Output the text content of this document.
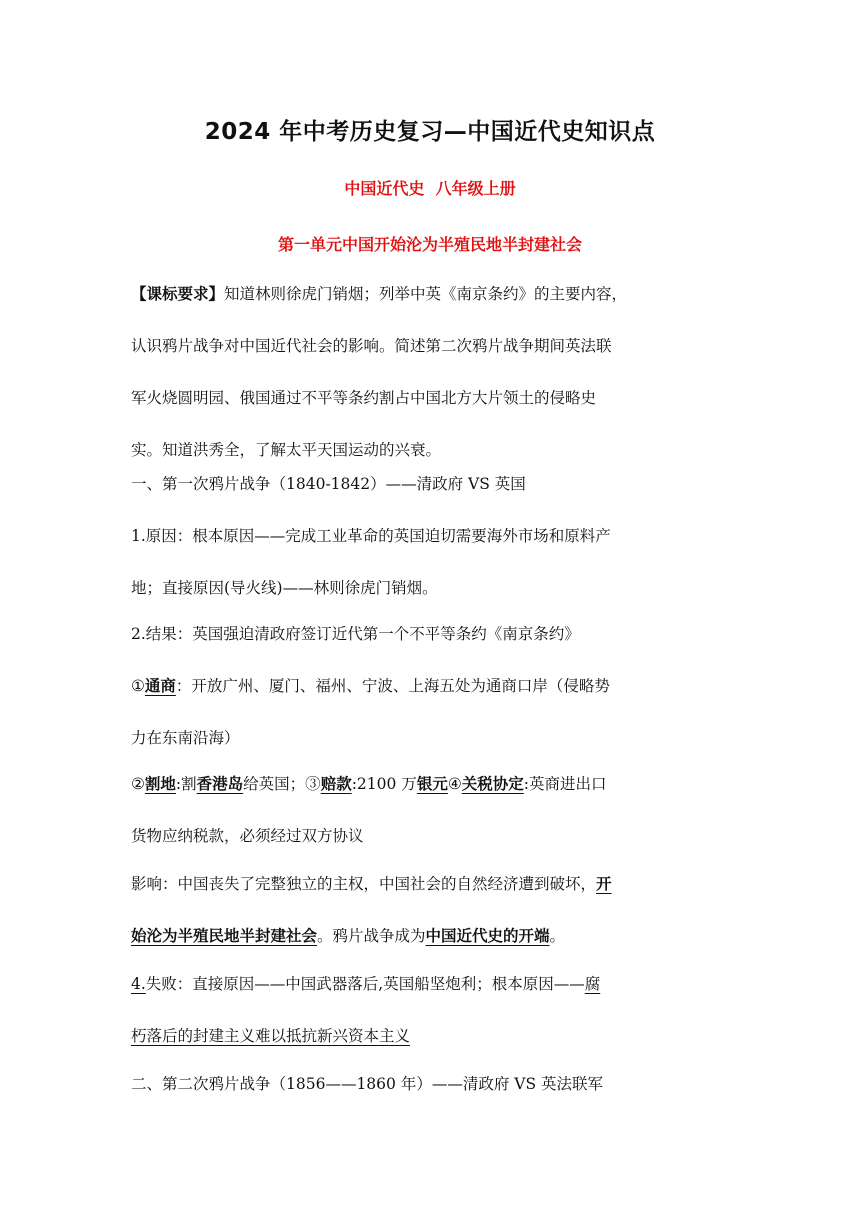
2024 年中考历史复习—中国近代史知识点
中国近代史  八年级上册
第一单元中国开始沦为半殖民地半封建社会
【课标要求】知道林则徐虎门销烟；列举中英《南京条约》的主要内容，
认识鸦片战争对中国近代社会的影响。简述第二次鸦片战争期间英法联
军火烧圆明园、俄国通过不平等条约割占中国北方大片领土的侵略史
实。知道洪秀全，了解太平天国运动的兴衰。
一、第一次鸦片战争（1840-1842）——清政府 VS 英国
1.原因：根本原因——完成工业革命的英国迫切需要海外市场和原料产
地；直接原因(导火线)——林则徐虎门销烟。
2.结果：英国强迫清政府签订近代第一个不平等条约《南京条约》
①通商：开放广州、厦门、福州、宁波、上海五处为通商口岸（侵略势
力在东南沿海）
②割地:割香港岛给英国；③赔款:2100 万银元④关税协定:英商进出口
货物应纳税款，必须经过双方协议
影响：中国丧失了完整独立的主权，中国社会的自然经济遭到破坏，开
始沦为半殖民地半封建社会。鸦片战争成为中国近代史的开端。
4.失败：直接原因——中国武器落后,英国船坚炮利；根本原因——腐
朽落后的封建主义难以抵抗新兴资本主义
二、第二次鸦片战争（1856——1860 年）——清政府 VS 英法联军
